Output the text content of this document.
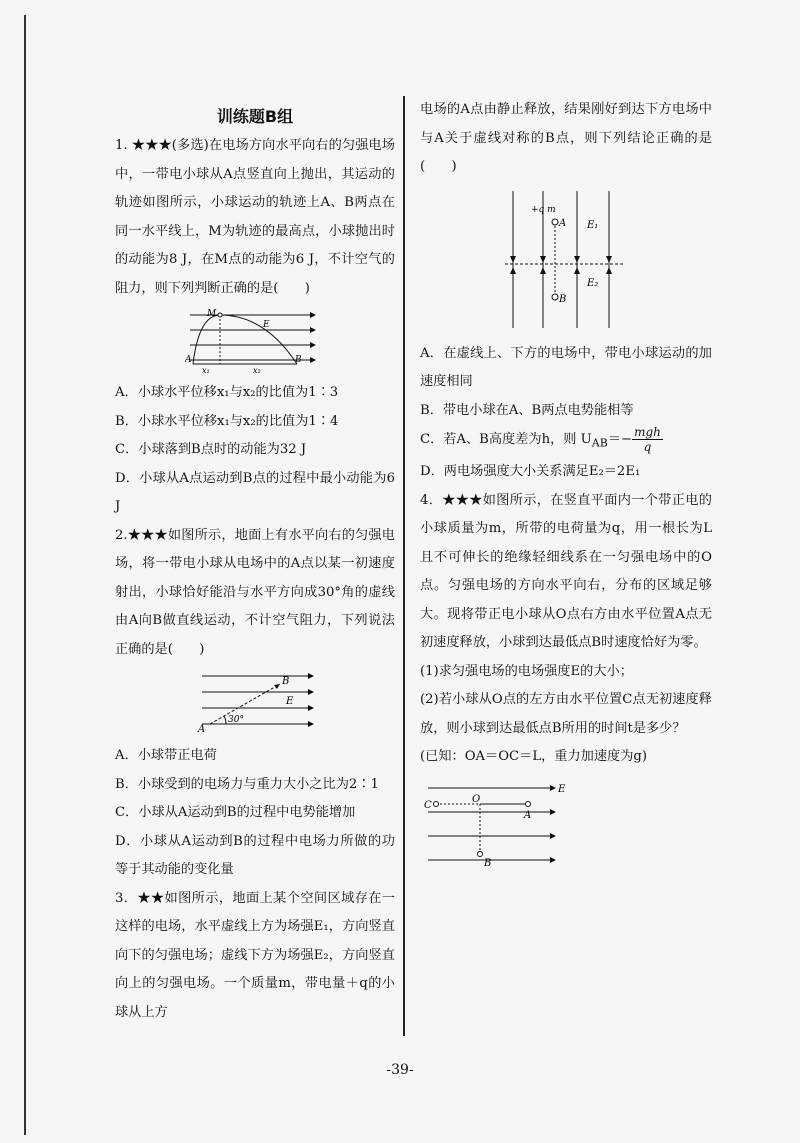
训练题B组

1. ★★★(多选)在电场方向水平向右的匀强电场中，一带电小球从A点竖直向上抛出，其运动的轨迹如图所示，小球运动的轨迹上A、B两点在同一水平线上，M为轨迹的最高点，小球抛出时的动能为8 J，在M点的动能为6 J，不计空气的阻力，则下列判断正确的是(　　)

M
E
A	B
x₁	x₂

A．小球水平位移x₁与x₂的比值为1∶3

B．小球水平位移x₁与x₂的比值为1∶4

C．小球落到B点时的动能为32 J

D．小球从A点运动到B点的过程中最小动能为6 J

2.★★★如图所示，地面上有水平向右的匀强电场，将一带电小球从电场中的A点以某一初速度射出，小球恰好能沿与水平方向成30°角的虚线由A向B做直线运动，不计空气阻力，下列说法正确的是(　　)

B
E
A
30°

A．小球带正电荷

B．小球受到的电场力与重力大小之比为2∶1

C．小球从A运动到B的过程中电势能增加

D．小球从A运动到B的过程中电场力所做的功等于其动能的变化量

3．★★如图所示，地面上某个空间区域存在一这样的电场，水平虚线上方为场强E₁，方向竖直向下的匀强电场；虚线下方为场强E₂，方向竖直向上的匀强电场。一个质量m，带电量＋q的小球从上方

电场的A点由静止释放，结果刚好到达下方电场中与A关于虚线对称的B点，则下列结论正确的是(　　)

+q m
A
B
E₁
E₂

A．在虚线上、下方的电场中，带电小球运动的加速度相同

B．带电小球在A、B两点电势能相等

C．若A、B高度差为h，则 $U_{AB}=- \frac{\text{mgh}}{q}$

D．两电场强度大小关系满足E₂＝2E₁

4．★★★如图所示，在竖直平面内一个带正电的小球质量为m，所带的电荷量为q，用一根长为L且不可伸长的绝缘轻细线系在一匀强电场中的O点。匀强电场的方向水平向右，分布的区域足够大。现将带正电小球从O点右方由水平位置A点无初速度释放，小球到达最低点B时速度恰好为零。

(1)求匀强电场的电场强度E的大小；

(2)若小球从O点的左方由水平位置C点无初速度释放，则小球到达最低点B所用的时间t是多少？

(已知：OA＝OC＝L，重力加速度为g)

E
C
O
A
B
-39-
